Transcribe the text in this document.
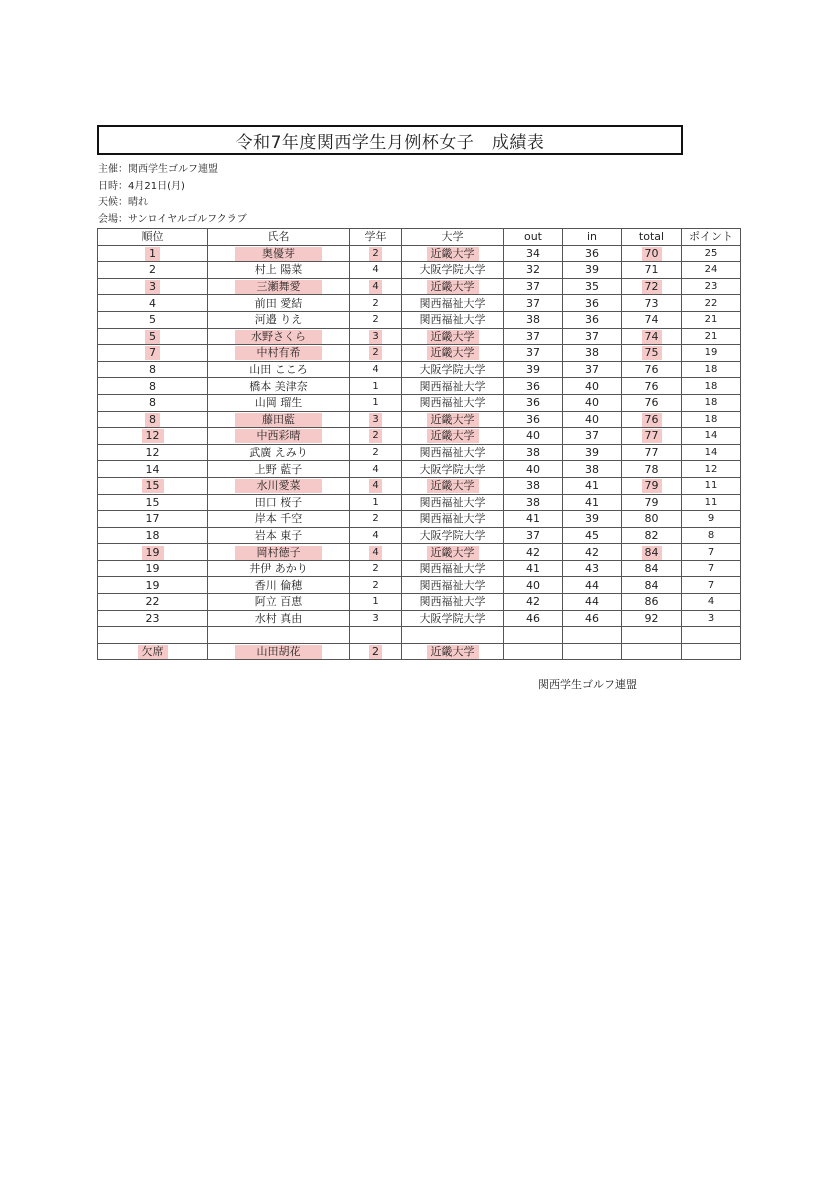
令和7年度関西学生月例杯女子　成績表
主催：関西学生ゴルフ連盟
日時：4月21日(月)
天候：晴れ
会場：サンロイヤルゴルフクラブ
順位	氏名	学年	大学	out	in	total	ポイント
1	奥優芽	2	近畿大学	34	36	70	25
2	村上 陽菜	4	大阪学院大学	32	39	71	24
3	三瀬舞愛	4	近畿大学	37	35	72	23
4	前田 愛結	2	関西福祉大学	37	36	73	22
5	河邉 りえ	2	関西福祉大学	38	36	74	21
5	水野さくら	3	近畿大学	37	37	74	21
7	中村有希	2	近畿大学	37	38	75	19
8	山田 こころ	4	大阪学院大学	39	37	76	18
8	橋本 美津奈	1	関西福祉大学	36	40	76	18
8	山岡 瑠生	1	関西福祉大学	36	40	76	18
8	藤田藍	3	近畿大学	36	40	76	18
12	中西彩晴	2	近畿大学	40	37	77	14
12	武廣 えみり	2	関西福祉大学	38	39	77	14
14	上野 藍子	4	大阪学院大学	40	38	78	12
15	水川愛菜	4	近畿大学	38	41	79	11
15	田口 桜子	1	関西福祉大学	38	41	79	11
17	岸本 千空	2	関西福祉大学	41	39	80	9
18	岩本 東子	4	大阪学院大学	37	45	82	8
19	岡村徳子	4	近畿大学	42	42	84	7
19	井伊 あかり	2	関西福祉大学	41	43	84	7
19	香川 倫穂	2	関西福祉大学	40	44	84	7
22	阿立 百恵	1	関西福祉大学	42	44	86	4
23	水村 真由	3	大阪学院大学	46	46	92	3

欠席	山田胡花	2	近畿大学				
関西学生ゴルフ連盟
